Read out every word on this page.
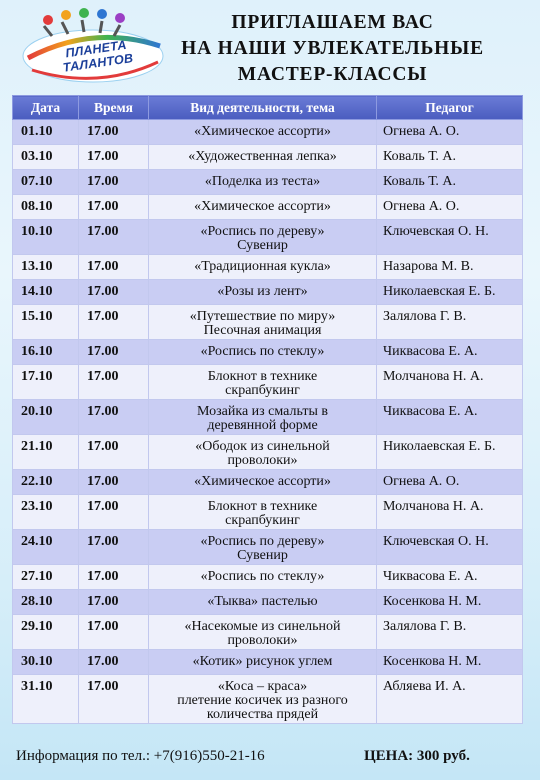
ПЛАНЕТА ТАЛАНТОВ
ПРИГЛАШАЕМ ВАС
НА НАШИ УВЛЕКАТЕЛЬНЫЕ
МАСТЕР-КЛАССЫ
Дата	Время	Вид деятельности, тема	Педагог
01.10	17.00	«Химическое ассорти»	Огнева А. О.
03.10	17.00	«Художественная лепка»	Коваль Т. А.
07.10	17.00	«Поделка из теста»	Коваль Т. А.
08.10	17.00	«Химическое ассорти»	Огнева А. О.
10.10	17.00	«Роспись по дереву»
Сувенир	Ключевская О. Н.
13.10	17.00	«Традиционная кукла»	Назарова М. В.
14.10	17.00	«Розы из лент»	Николаевская Е. Б.
15.10	17.00	«Путешествие по миру»
Песочная анимация	Залялова Г. В.
16.10	17.00	«Роспись по стеклу»	Чиквасова Е. А.
17.10	17.00	Блокнот в технике
скрапбукинг	Молчанова Н. А.
20.10	17.00	Мозайка из смальты в
деревянной форме	Чиквасова Е. А.
21.10	17.00	«Ободок из синельной
проволоки»	Николаевская Е. Б.
22.10	17.00	«Химическое ассорти»	Огнева А. О.
23.10	17.00	Блокнот в технике
скрапбукинг	Молчанова Н. А.
24.10	17.00	«Роспись по дереву»
Сувенир	Ключевская О. Н.
27.10	17.00	«Роспись по стеклу»	Чиквасова Е. А.
28.10	17.00	«Тыква» пастелью	Косенкова Н. М.
29.10	17.00	«Насекомые из синельной
проволоки»	Залялова Г. В.
30.10	17.00	«Котик» рисунок углем	Косенкова Н. М.
31.10	17.00	«Коса – краса»
плетение косичек из разного
количества прядей	Абляева И. А.
Информация по тел.: +7(916)550-21-16	ЦЕНА: 300 руб.
